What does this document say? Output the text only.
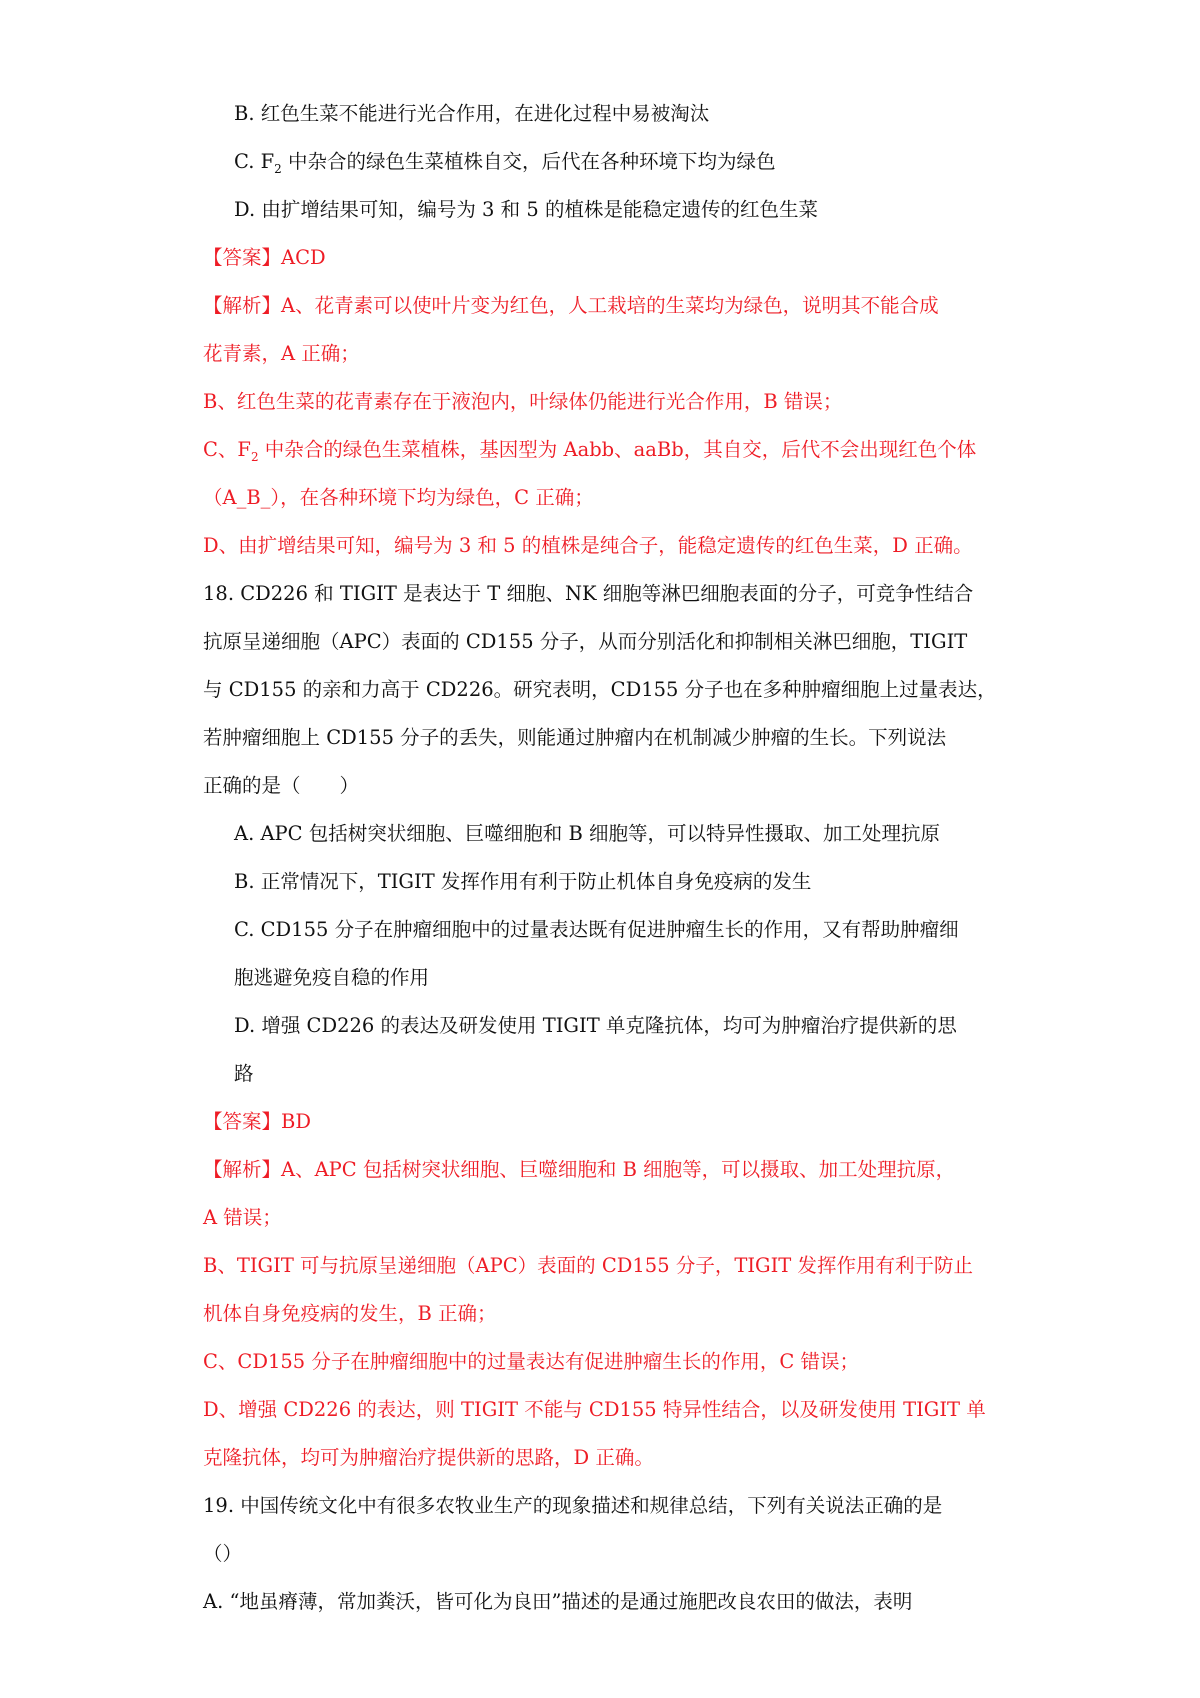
B. 红色生菜不能进行光合作用，在进化过程中易被淘汰

C. $F_2$ 中杂合的绿色生菜植株自交，后代在各种环境下均为绿色

D. 由扩增结果可知，编号为 3 和 5 的植株是能稳定遗传的红色生菜

【答案】ACD

【解析】A、花青素可以使叶片变为红色，人工栽培的生菜均为绿色，说明其不能合成

花青素，A 正确；

B、红色生菜的花青素存在于液泡内，叶绿体仍能进行光合作用，B 错误；

C、$F_2$ 中杂合的绿色生菜植株，基因型为 Aabb、aaBb，其自交，后代不会出现红色个体

（A_B_），在各种环境下均为绿色，C 正确；

D、由扩增结果可知，编号为 3 和 5 的植株是纯合子，能稳定遗传的红色生菜，D 正确。

18. CD226 和 TIGIT 是表达于 T 细胞、NK 细胞等淋巴细胞表面的分子，可竞争性结合

抗原呈递细胞（APC）表面的 CD155 分子，从而分别活化和抑制相关淋巴细胞，TIGIT

与 CD155 的亲和力高于 CD226。研究表明，CD155 分子也在多种肿瘤细胞上过量表达，

若肿瘤细胞上 CD155 分子的丢失，则能通过肿瘤内在机制减少肿瘤的生长。下列说法

正确的是（　　）

A. APC 包括树突状细胞、巨噬细胞和 B 细胞等，可以特异性摄取、加工处理抗原

B. 正常情况下，TIGIT 发挥作用有利于防止机体自身免疫病的发生

C. CD155 分子在肿瘤细胞中的过量表达既有促进肿瘤生长的作用，又有帮助肿瘤细

胞逃避免疫自稳的作用

D. 增强 CD226 的表达及研发使用 TIGIT 单克隆抗体，均可为肿瘤治疗提供新的思

路

【答案】BD

【解析】A、APC 包括树突状细胞、巨噬细胞和 B 细胞等，可以摄取、加工处理抗原，

A 错误；

B、TIGIT 可与抗原呈递细胞（APC）表面的 CD155 分子，TIGIT 发挥作用有利于防止

机体自身免疫病的发生，B 正确；

C、CD155 分子在肿瘤细胞中的过量表达有促进肿瘤生长的作用，C 错误；

D、增强 CD226 的表达，则 TIGIT 不能与 CD155 特异性结合，以及研发使用 TIGIT 单

克隆抗体，均可为肿瘤治疗提供新的思路，D 正确。

19. 中国传统文化中有很多农牧业生产的现象描述和规律总结，下列有关说法正确的是

（）

A. “地虽瘠薄，常加粪沃，皆可化为良田”描述的是通过施肥改良农田的做法，表明
